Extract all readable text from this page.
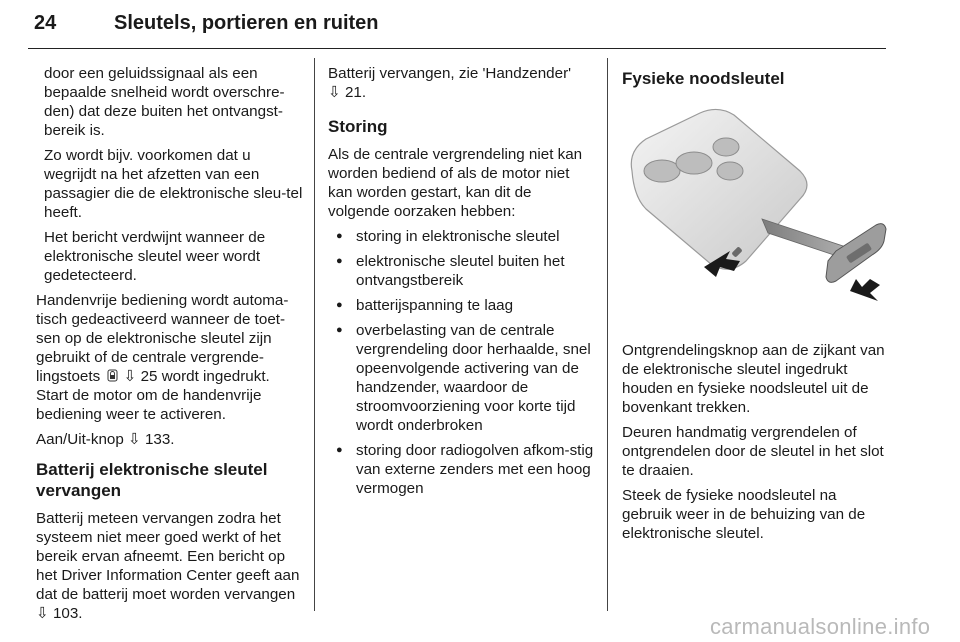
24	Sleutels, portieren en ruiten

door een geluidssignaal als een bepaalde snelheid wordt overschre-den) dat deze buiten het ontvangst-bereik is.

Zo wordt bijv. voorkomen dat u wegrijdt na het afzetten van een passagier die de elektronische sleu-tel heeft.

Het bericht verdwijnt wanneer de elektronische sleutel weer wordt gedetecteerd.

Handenvrije bediening wordt automa-tisch gedeactiveerd wanneer de toet-sen op de elektronische sleutel zijn gebruikt of de centrale vergrende-lingstoets ⇩ 25 wordt ingedrukt. Start de motor om de handenvrije bediening weer te activeren.

Aan/Uit-knop ⇩ 133.

Batterij elektronische sleutel vervangen

Batterij meteen vervangen zodra het systeem niet meer goed werkt of het bereik ervan afneemt. Een bericht op het Driver Information Center geeft aan dat de batterij moet worden vervangen ⇩ 103.

Batterij vervangen, zie 'Handzender' ⇩ 21.

Storing

Als de centrale vergrendeling niet kan worden bediend of als de motor niet kan worden gestart, kan dit de volgende oorzaken hebben:

● storing in elektronische sleutel
● elektronische sleutel buiten het ontvangstbereik
● batterijspanning te laag
● overbelasting van de centrale vergrendeling door herhaalde, snel opeenvolgende activering van de handzender, waardoor de stroomvoorziening voor korte tijd wordt onderbroken
● storing door radiogolven afkom-stig van externe zenders met een hoog vermogen
Fysieke noodsleutel

Ontgrendelingsknop aan de zijkant van de elektronische sleutel ingedrukt houden en fysieke noodsleutel uit de bovenkant trekken.

Deuren handmatig vergrendelen of ontgrendelen door de sleutel in het slot te draaien.

Steek de fysieke noodsleutel na gebruik weer in de behuizing van de elektronische sleutel.

carmanualsonline.info
